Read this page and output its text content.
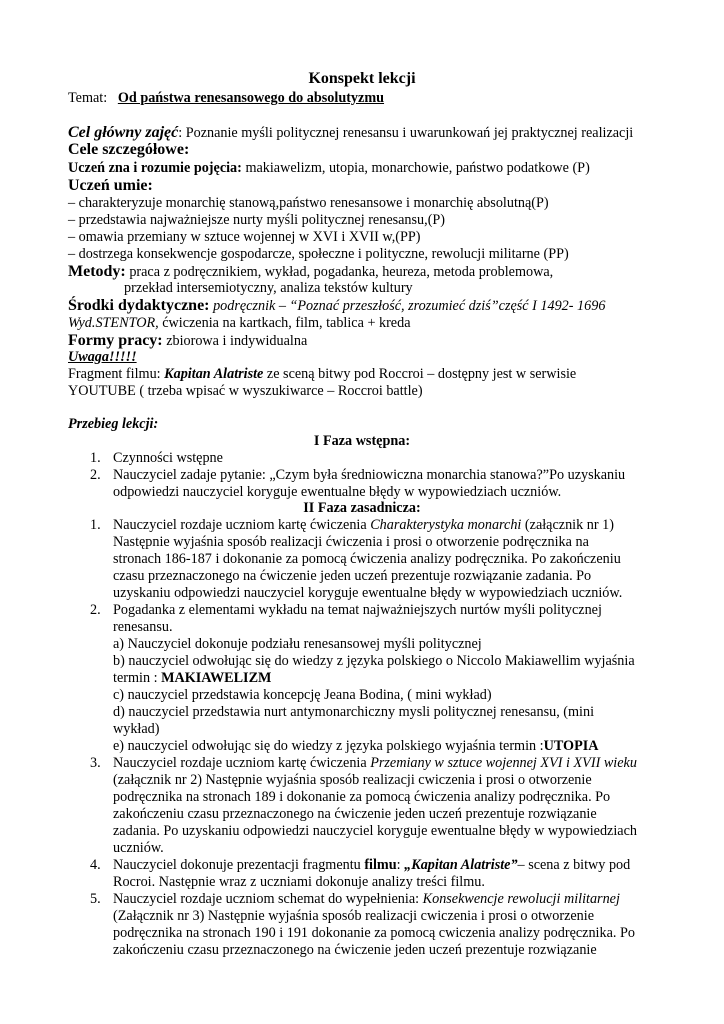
Konspekt lekcji
Temat: Od państwa renesansowego do absolutyzmu
Cel główny zajęć: Poznanie myśli politycznej renesansu i uwarunkowań jej praktycznej realizacji
Cele szczegółowe:
Uczeń zna i rozumie pojęcia: makiawelizm, utopia, monarchowie, państwo podatkowe (P)
Uczeń umie:
– charakteryzuje monarchię stanową,państwo renesansowe i monarchię absolutną(P)
– przedstawia najważniejsze nurty myśli politycznej renesansu,(P)
– omawia przemiany w sztuce wojennej w XVI i XVII w,(PP)
– dostrzega konsekwencje gospodarcze, społeczne i polityczne, rewolucji militarne (PP)
Metody: praca z podręcznikiem, wykład, pogadanka, heureza, metoda problemowa,
przekład intersemiotyczny, analiza tekstów kultury
Środki dydaktyczne: podręcznik – “Poznać przeszłość, zrozumieć dziś”część I 1492- 1696
Wyd.STENTOR, ćwiczenia na kartkach, film, tablica + kreda
Formy pracy: zbiorowa i indywidualna
Uwaga!!!!!
Fragment filmu: Kapitan Alatriste ze sceną bitwy pod Roccroi – dostępny jest w serwisie
YOUTUBE ( trzeba wpisać w wyszukiwarce – Roccroi battle)
Przebieg lekcji:
I Faza wstępna:
1. Czynności wstępne
2. Nauczyciel zadaje pytanie: „Czym była średniowiczna monarchia stanowa?”Po uzyskaniu
odpowiedzi nauczyciel koryguje ewentualne błędy w wypowiedziach uczniów.
II Faza zasadnicza:
1. Nauczyciel rozdaje uczniom kartę ćwiczenia Charakterystyka monarchi (załącznik nr 1)
Następnie wyjaśnia sposób realizacji ćwiczenia i prosi o otworzenie podręcznika na
stronach 186-187 i dokonanie za pomocą ćwiczenia analizy podręcznika. Po zakończeniu
czasu przeznaczonego na ćwiczenie jeden uczeń prezentuje rozwiązanie zadania. Po
uzyskaniu odpowiedzi nauczyciel koryguje ewentualne błędy w wypowiedziach uczniów.
2. Pogadanka z elementami wykładu na temat najważniejszych nurtów myśli politycznej
renesansu.
a) Nauczyciel dokonuje podziału renesansowej myśli politycznej
b) nauczyciel odwołując się do wiedzy z języka polskiego o Niccolo Makiawellim wyjaśnia
termin : MAKIAWELIZM
c) nauczyciel przedstawia koncepcję Jeana Bodina, ( mini wykład)
d) nauczyciel przedstawia nurt antymonarchiczny mysli politycznej renesansu, (mini
wykład)
e) nauczyciel odwołując się do wiedzy z języka polskiego wyjaśnia termin :UTOPIA
3. Nauczyciel rozdaje uczniom kartę ćwiczenia Przemiany w sztuce wojennej XVI i XVII wieku
(załącznik nr 2) Następnie wyjaśnia sposób realizacji cwiczenia i prosi o otworzenie
podręcznika na stronach 189 i dokonanie za pomocą ćwiczenia analizy podręcznika. Po
zakończeniu czasu przeznaczonego na ćwiczenie jeden uczeń prezentuje rozwiązanie
zadania. Po uzyskaniu odpowiedzi nauczyciel koryguje ewentualne błędy w wypowiedziach
uczniów.
4. Nauczyciel dokonuje prezentacji fragmentu filmu: „Kapitan Alatriste”– scena z bitwy pod
Rocroi. Następnie wraz z uczniami dokonuje analizy treści filmu.
5. Nauczyciel rozdaje uczniom schemat do wypełnienia: Konsekwencje rewolucji militarnej
(Załącznik nr 3) Następnie wyjaśnia sposób realizacji cwiczenia i prosi o otworzenie
podręcznika na stronach 190 i 191 dokonanie za pomocą cwiczenia analizy podręcznika. Po
zakończeniu czasu przeznaczonego na ćwiczenie jeden uczeń prezentuje rozwiązanie
